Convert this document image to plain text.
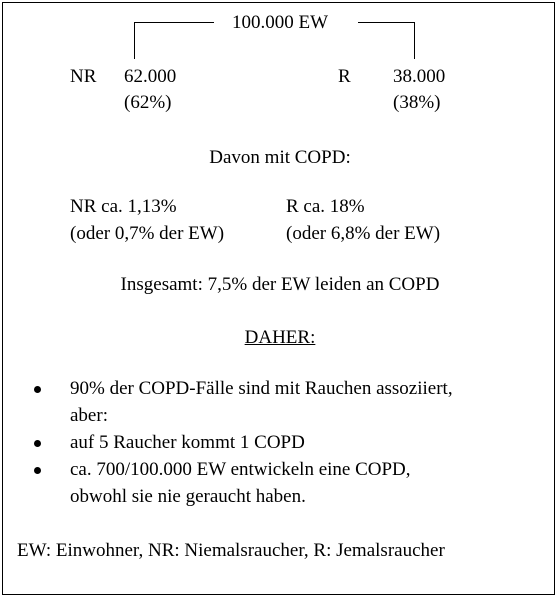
100.000 EW
NR 62.000
(62%)
R 38.000
(38%)
Davon mit COPD:
NR ca. 1,13%
(oder 0,7% der EW)
R ca. 18%
(oder 6,8% der EW)
Insgesamt: 7,5% der EW leiden an COPD
DAHER:
90% der COPD-Fälle sind mit Rauchen assoziiert,
aber:
auf 5 Raucher kommt 1 COPD
ca. 700/100.000 EW entwickeln eine COPD,
obwohl sie nie geraucht haben.
EW: Einwohner, NR: Niemalsraucher, R: Jemalsraucher
